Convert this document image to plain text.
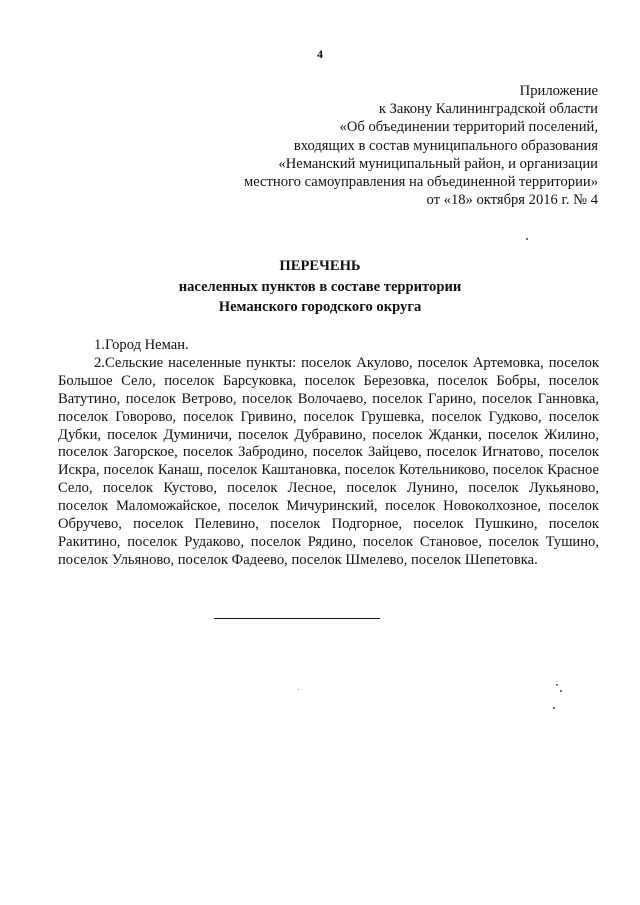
4
Приложение
к Закону Калининградской области
«Об объединении территорий поселений,
входящих в состав муниципального образования
«Неманский муниципальный район, и организации
местного самоуправления на объединенной территории»
от «18» октября 2016 г. № 4
ПЕРЕЧЕНЬ
населенных пунктов в составе территории
Неманского городского округа
1.Город Неман.

2.Сельские населенные пункты: поселок Акулово, поселок Артемовка, поселок Большое Село, поселок Барсуковка, поселок Березовка, поселок Бобры, поселок Ватутино, поселок Ветрово, поселок Волочаево, поселок Гарино, поселок Ганновка, поселок Говорово, поселок Гривино, поселок Грушевка, поселок Гудково, поселок Дубки, поселок Думиничи, поселок Дубравино, поселок Жданки, поселок Жилино, поселок Загорское, поселок Забродино, поселок Зайцево, поселок Игнатово, поселок Искра, поселок Канаш, поселок Каштановка, поселок Котельниково, поселок Красное Село, поселок Кустово, поселок Лесное, поселок Лунино, поселок Лукьяново, поселок Маломожайское, поселок Мичуринский, поселок Новоколхозное, поселок Обручево, поселок Пелевино, поселок Подгорное, поселок Пушкино, поселок Ракитино, поселок Рудаково, поселок Рядино, поселок Становое, поселок Тушино, поселок Ульяново, поселок Фадеево, поселок Шмелево, поселок Шепетовка.
